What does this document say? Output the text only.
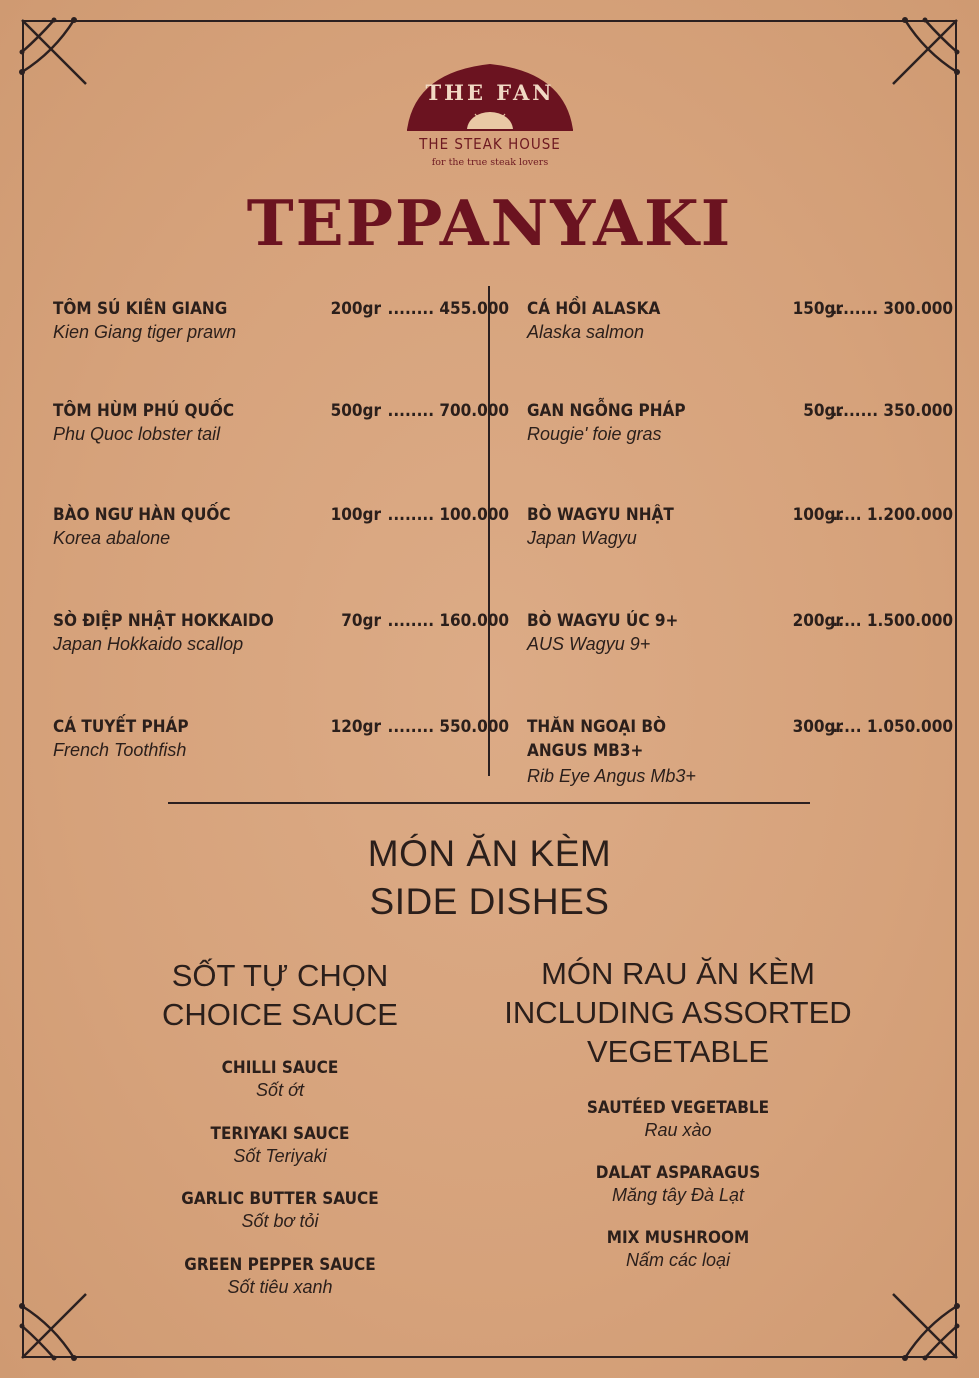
THE FAN
THE STEAK HOUSE
for the true steak lovers
TEPPANYAKI
TÔM SÚ KIÊN GIANG
Kien Giang tiger prawn
200gr ........ 455.000
TÔM HÙM PHÚ QUỐC
Phu Quoc lobster tail
500gr ........ 700.000
BÀO NGƯ HÀN QUỐC
Korea abalone
100gr ........ 100.000
SÒ ĐIỆP NHẬT HOKKAIDO
Japan Hokkaido scallop
70gr ........ 160.000
CÁ TUYẾT PHÁP
French Toothfish
120gr ........ 550.000
CÁ HỒI ALASKA
Alaska salmon
150gr
........ 300.000
GAN NGỖNG PHÁP
Rougie' foie gras
50gr
........ 350.000
BÒ WAGYU NHẬT
Japan Wagyu
100gr
..... 1.200.000
BÒ WAGYU ÚC 9+
AUS Wagyu 9+
200gr
..... 1.500.000
THĂN NGOẠI BÒ
ANGUS MB3+
Rib Eye Angus Mb3+
300gr
..... 1.050.000
MÓN ĂN KÈM
SIDE DISHES
SỐT TỰ CHỌN
CHOICE SAUCE
MÓN RAU ĂN KÈM
INCLUDING ASSORTED
VEGETABLE
CHILLI SAUCE
Sốt ớt
TERIYAKI SAUCE
Sốt Teriyaki
GARLIC BUTTER SAUCE
Sốt bơ tỏi
GREEN PEPPER SAUCE
Sốt tiêu xanh
SAUTÉED VEGETABLE
Rau xào
DALAT ASPARAGUS
Măng tây Đà Lạt
MIX MUSHROOM
Nấm các loại
